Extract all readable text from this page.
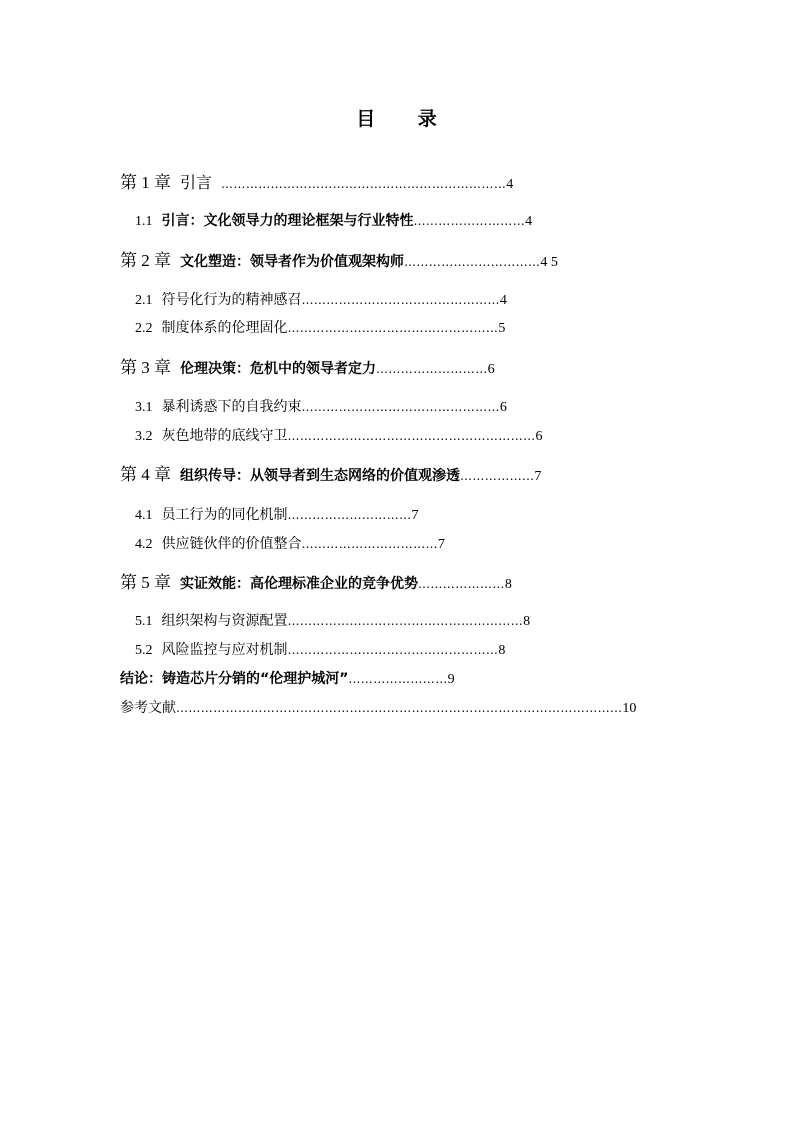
目 录
第 1 章 引言 ……………………………………………………………4
1.1 引言：文化领导力的理论框架与行业特性………………………4
第 2 章 文化塑造：领导者作为价值观架构师……………………………4 5
2.1 符号化行为的精神感召…………………………………………4
2.2 制度体系的伦理固化……………………………………………5
第 3 章 伦理决策：危机中的领导者定力………………………6
3.1 暴利诱惑下的自我约束…………………………………………6
3.2 灰色地带的底线守卫……………………………………………………6
第 4 章 组织传导：从领导者到生态网络的价值观渗透………………7
4.1 员工行为的同化机制…………………………7
4.2 供应链伙伴的价值整合……………………………7
第 5 章 实证效能：高伦理标准企业的竞争优势…………………8
5.1 组织架构与资源配置…………………………………………………8
5.2 风险监控与应对机制……………………………………………8
结论：铸造芯片分销的“伦理护城河”……………………9
参考文献………………………………………………………………………………………………10
